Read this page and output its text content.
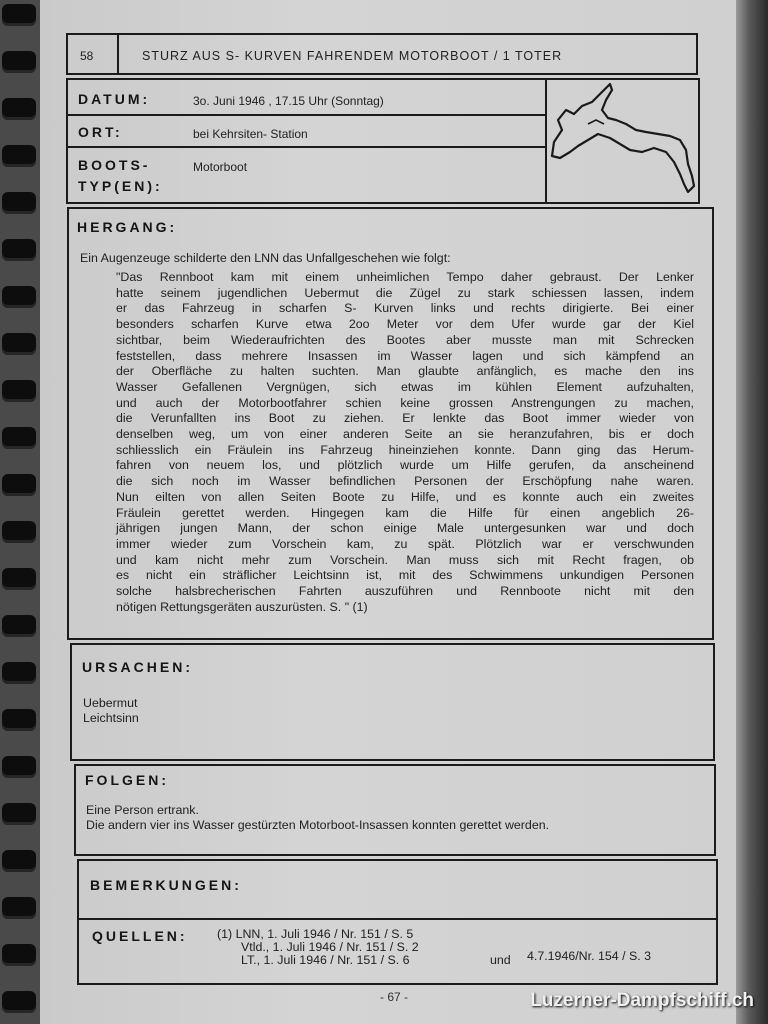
58	STURZ AUS S- KURVEN FAHRENDEM MOTORBOOT / 1 TOTER
DATUM:	3o. Juni 1946 , 17.15 Uhr (Sonntag)
ORT:	bei Kehrsiten- Station
BOOTS-
TYP(EN):
Motorboot
HERGANG:
Ein Augenzeuge schilderte den LNN das Unfallgeschehen wie folgt:
"Das Rennboot kam mit einem unheimlichen Tempo daher gebraust. Der Lenker
hatte seinem jugendlichen Uebermut die Zügel zu stark schiessen lassen, indem
er das Fahrzeug in scharfen S- Kurven links und rechts dirigierte. Bei einer
besonders scharfen Kurve etwa 2oo Meter vor dem Ufer wurde gar der Kiel
sichtbar, beim Wiederaufrichten des Bootes aber musste man mit Schrecken
feststellen, dass mehrere Insassen im Wasser lagen und sich kämpfend an
der Oberfläche zu halten suchten. Man glaubte anfänglich, es mache den ins
Wasser Gefallenen Vergnügen, sich etwas im kühlen Element aufzuhalten,
und auch der Motorbootfahrer schien keine grossen Anstrengungen zu machen,
die Verunfallten ins Boot zu ziehen. Er lenkte das Boot immer wieder von
denselben weg, um von einer anderen Seite an sie heranzufahren, bis er doch
schliesslich ein Fräulein ins Fahrzeug hineinziehen konnte. Dann ging das Herum-
fahren von neuem los, und plötzlich wurde um Hilfe gerufen, da anscheinend
die sich noch im Wasser befindlichen Personen der Erschöpfung nahe waren.
Nun eilten von allen Seiten Boote zu Hilfe, und es konnte auch ein zweites
Fräulein gerettet werden. Hingegen kam die Hilfe für einen angeblich 26-
jährigen jungen Mann, der schon einige Male untergesunken war und doch
immer wieder zum Vorschein kam, zu spät. Plötzlich war er verschwunden
und kam nicht mehr zum Vorschein. Man muss sich mit Recht fragen, ob
es nicht ein sträflicher Leichtsinn ist, mit des Schwimmens unkundigen Personen
solche halsbrecherischen Fahrten auszuführen und Rennboote nicht mit den
nötigen Rettungsgeräten auszurüsten. S. " (1)
URSACHEN:
Uebermut
Leichtsinn
FOLGEN:
Eine Person ertrank.
Die andern vier ins Wasser gestürzten Motorboot-Insassen konnten gerettet werden.
BEMERKUNGEN:
QUELLEN: (1) LNN, 1. Juli 1946 / Nr. 151 / S. 5
Vtld., 1. Juli 1946 / Nr. 151 / S. 2
LT., 1. Juli 1946 / Nr. 151 / S. 6	und 4.7.1946/Nr. 154 / S. 3
- 67 -	Luzerner-Dampfschiff.ch
